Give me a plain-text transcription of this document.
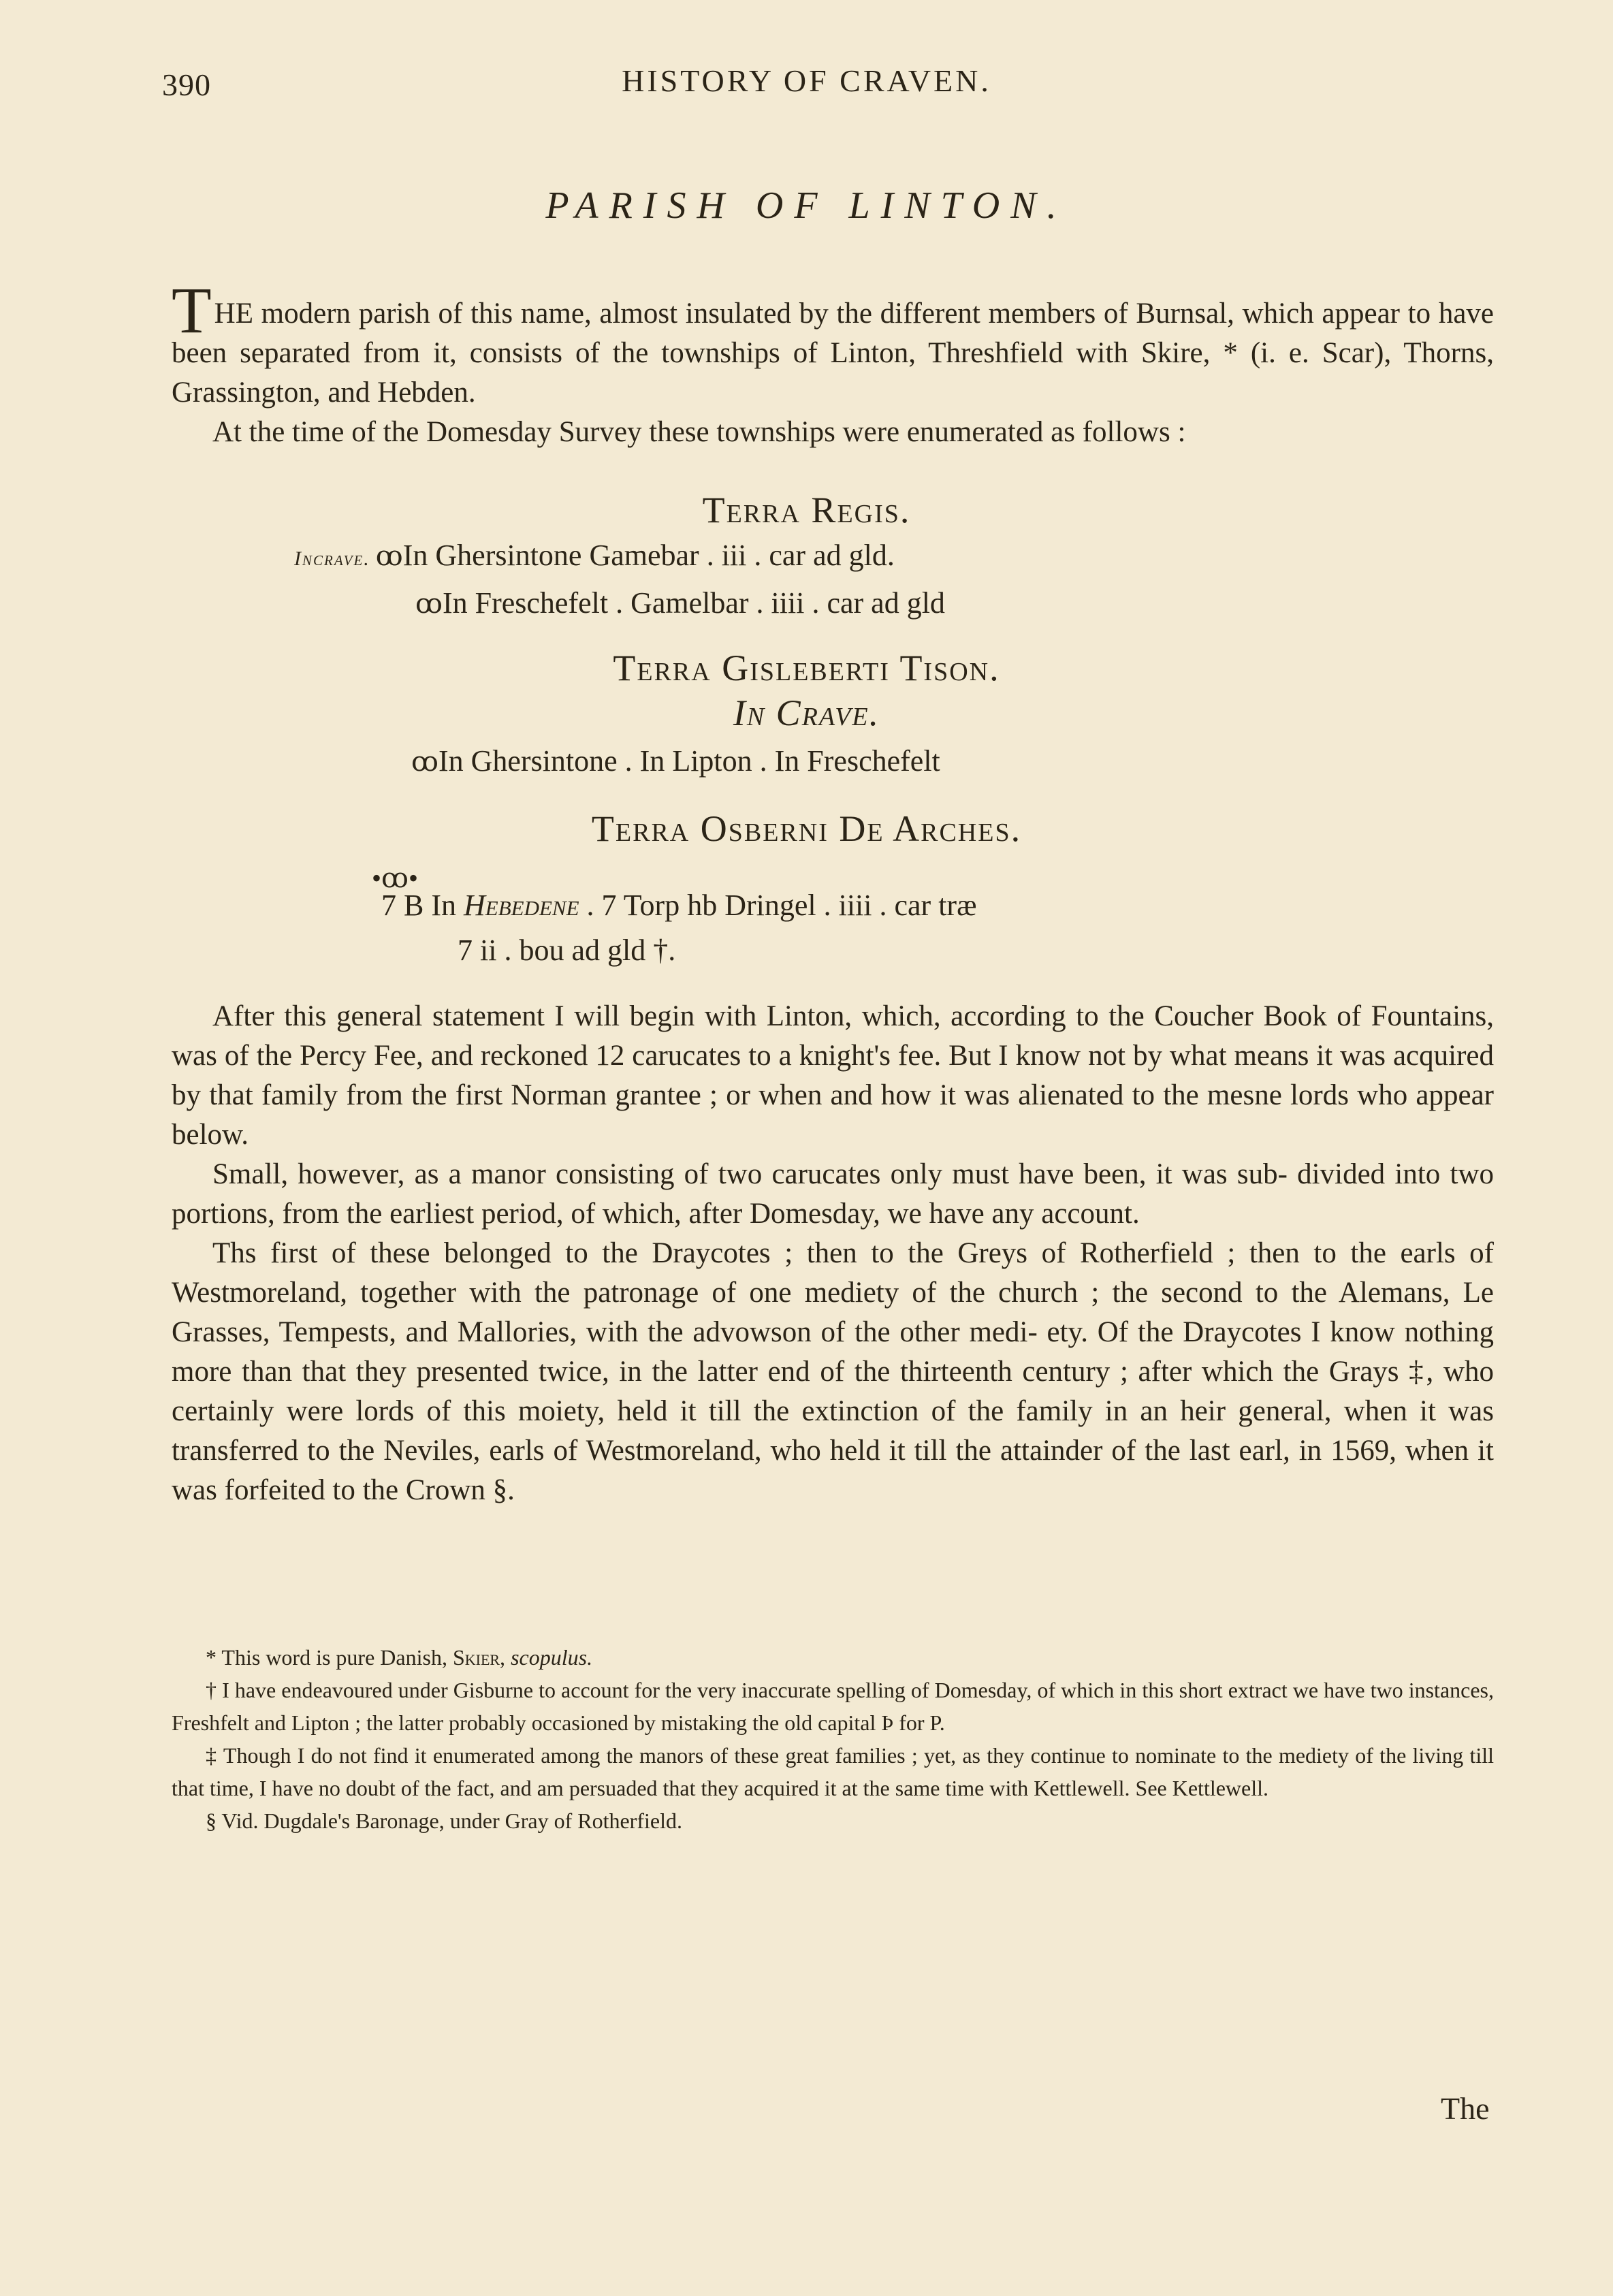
390	HISTORY OF CRAVEN.
PARISH OF LINTON.

THE modern parish of this name, almost insulated by the different members of Burnsal, which appear to have been separated from it, consists of the townships of Linton, Threshfield with Skire, * (i. e. Scar), Thorns, Grassington, and Hebden.

At the time of the Domesday Survey these townships were enumerated as follows :

Terra Regis.
Incrave. ꝏIn Ghersintone Gamebar . iii . car ad gld.
ꝏIn Freschefelt . Gamelbar . iiii . car ad gld
Terra Gisleberti Tison.
In Crave.
ꝏIn Ghersintone . In Lipton . In Freschefelt
Terra Osberni De Arches.
•ꝏ•
7 B In Hebedene . 7 Torp hb Dringel . iiii . car træ
7 ii . bou ad gld †.

After this general statement I will begin with Linton, which, according to the Coucher Book of Fountains, was of the Percy Fee, and reckoned 12 carucates to a knight's fee. But I know not by what means it was acquired by that family from the first Norman grantee ; or when and how it was alienated to the mesne lords who appear below.

Small, however, as a manor consisting of two carucates only must have been, it was sub- divided into two portions, from the earliest period, of which, after Domesday, we have any account.

Ths first of these belonged to the Draycotes ; then to the Greys of Rotherfield ; then to the earls of Westmoreland, together with the patronage of one mediety of the church ; the second to the Alemans, Le Grasses, Tempests, and Mallories, with the advowson of the other medi- ety. Of the Draycotes I know nothing more than that they presented twice, in the latter end of the thirteenth century ; after which the Grays ‡, who certainly were lords of this moiety, held it till the extinction of the family in an heir general, when it was transferred to the Neviles, earls of Westmoreland, who held it till the attainder of the last earl, in 1569, when it was forfeited to the Crown §.

* This word is pure Danish, Skier, scopulus.

† I have endeavoured under Gisburne to account for the very inaccurate spelling of Domesday, of which in this short extract we have two instances, Freshfelt and Lipton ; the latter probably occasioned by mistaking the old capital Þ for P.

‡ Though I do not find it enumerated among the manors of these great families ; yet, as they continue to nominate to the mediety of the living till that time, I have no doubt of the fact, and am persuaded that they acquired it at the same time with Kettlewell. See Kettlewell.

§ Vid. Dugdale's Baronage, under Gray of Rotherfield.

The
